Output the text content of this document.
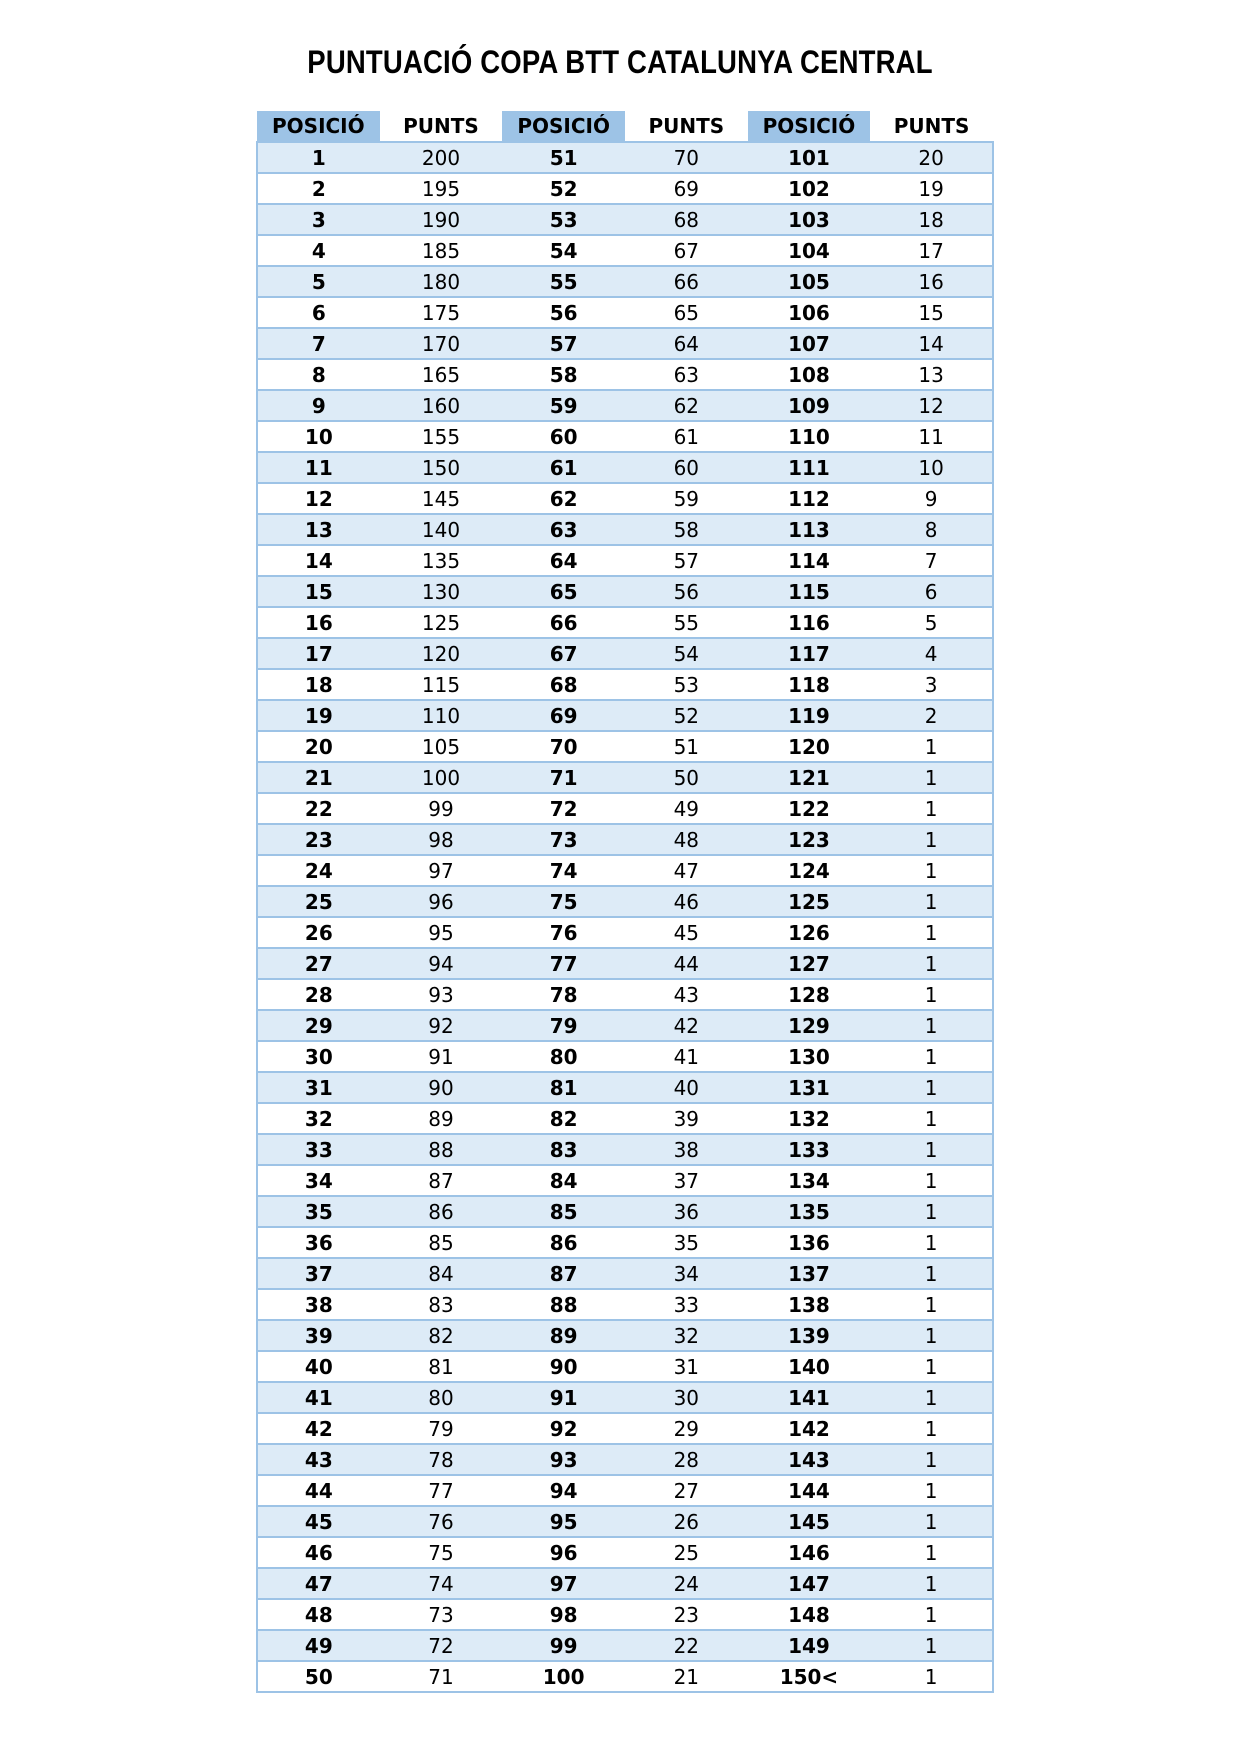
PUNTUACIÓ COPA BTT CATALUNYA CENTRAL
POSICIÓ	PUNTS	POSICIÓ	PUNTS	POSICIÓ	PUNTS
1	200	51	70	101	20
2	195	52	69	102	19
3	190	53	68	103	18
4	185	54	67	104	17
5	180	55	66	105	16
6	175	56	65	106	15
7	170	57	64	107	14
8	165	58	63	108	13
9	160	59	62	109	12
10	155	60	61	110	11
11	150	61	60	111	10
12	145	62	59	112	9
13	140	63	58	113	8
14	135	64	57	114	7
15	130	65	56	115	6
16	125	66	55	116	5
17	120	67	54	117	4
18	115	68	53	118	3
19	110	69	52	119	2
20	105	70	51	120	1
21	100	71	50	121	1
22	99	72	49	122	1
23	98	73	48	123	1
24	97	74	47	124	1
25	96	75	46	125	1
26	95	76	45	126	1
27	94	77	44	127	1
28	93	78	43	128	1
29	92	79	42	129	1
30	91	80	41	130	1
31	90	81	40	131	1
32	89	82	39	132	1
33	88	83	38	133	1
34	87	84	37	134	1
35	86	85	36	135	1
36	85	86	35	136	1
37	84	87	34	137	1
38	83	88	33	138	1
39	82	89	32	139	1
40	81	90	31	140	1
41	80	91	30	141	1
42	79	92	29	142	1
43	78	93	28	143	1
44	77	94	27	144	1
45	76	95	26	145	1
46	75	96	25	146	1
47	74	97	24	147	1
48	73	98	23	148	1
49	72	99	22	149	1
50	71	100	21	150<	1
